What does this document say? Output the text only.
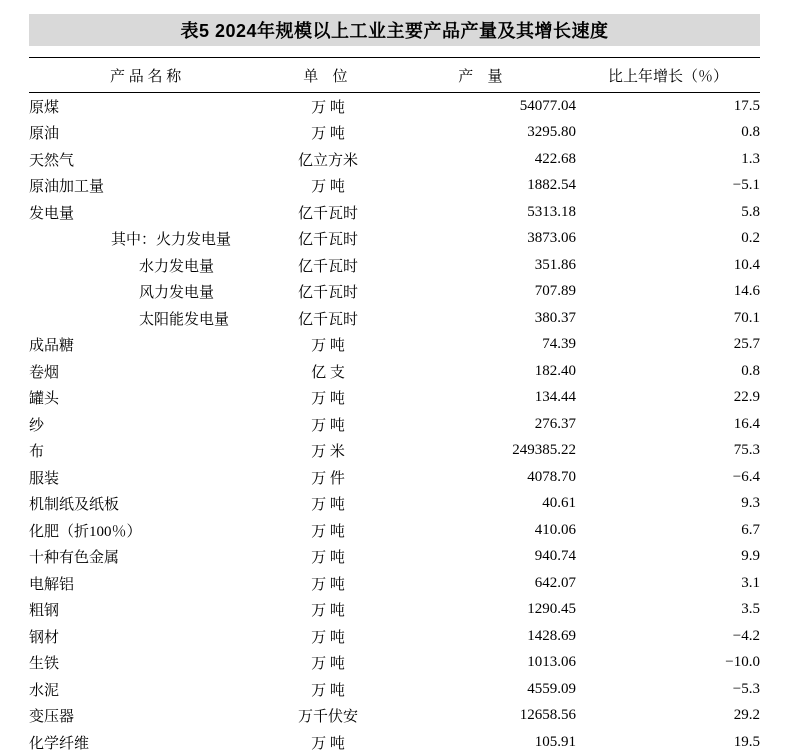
表5 2024年规模以上工业主要产品产量及其增长速度
产品名称	单 位	产 量	比上年增长（％）
原煤	万 吨	54077.04	17.5
原油	万 吨	3295.80	0.8
天然气	亿立方米	422.68	1.3
原油加工量	万 吨	1882.54	−5.1
发电量	亿千瓦时	5313.18	5.8
其中：火力发电量	亿千瓦时	3873.06	0.2
水力发电量	亿千瓦时	351.86	10.4
风力发电量	亿千瓦时	707.89	14.6
太阳能发电量	亿千瓦时	380.37	70.1
成品糖	万 吨	74.39	25.7
卷烟	亿 支	182.40	0.8
罐头	万 吨	134.44	22.9
纱	万 吨	276.37	16.4
布	万 米	249385.22	75.3
服装	万 件	4078.70	−6.4
机制纸及纸板	万 吨	40.61	9.3
化肥（折100％）	万 吨	410.06	6.7
十种有色金属	万 吨	940.74	9.9
电解铝	万 吨	642.07	3.1
粗钢	万 吨	1290.45	3.5
钢材	万 吨	1428.69	−4.2
生铁	万 吨	1013.06	−10.0
水泥	万 吨	4559.09	−5.3
变压器	万千伏安	12658.56	29.2
化学纤维	万 吨	105.91	19.5
